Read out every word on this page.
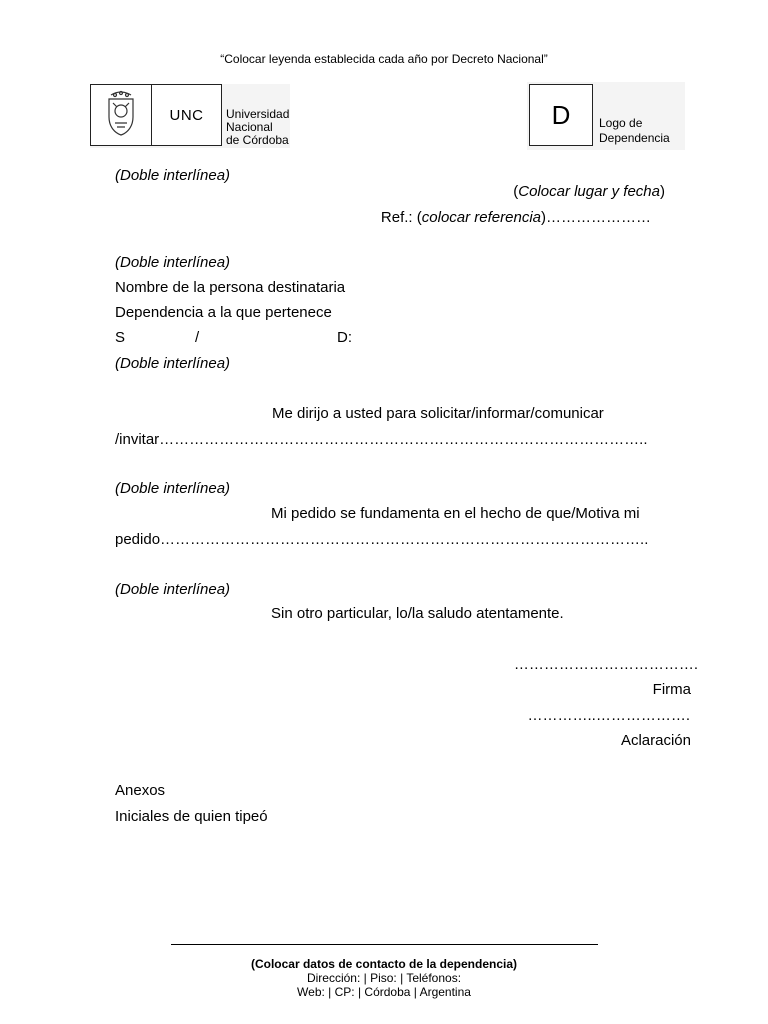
“Colocar leyenda establecida cada año por Decreto Nacional”
UNC	Universidad
Nacional
de Córdoba
D	Logo de
Dependencia
(Doble interlínea)
(Colocar lugar y fecha)
Ref.: (colocar referencia)…………………
(Doble interlínea)
Nombre de la persona destinataria
Dependencia a la que pertenece
S	/	D:
(Doble interlínea)
Me dirijo a usted para solicitar/informar/comunicar
/invitar……………………………………………………………………………………..
(Doble interlínea)
Mi pedido se fundamenta en el hecho de que/Motiva mi
pedido……………………………………………………………………………………..
(Doble interlínea)
Sin otro particular, lo/la saludo atentamente.
……………………………….
Firma
…………..……………….
Aclaración
Anexos
Iniciales de quien tipeó
(Colocar datos de contacto de la dependencia)
Dirección: | Piso: | Teléfonos:
Web: | CP: | Córdoba | Argentina
